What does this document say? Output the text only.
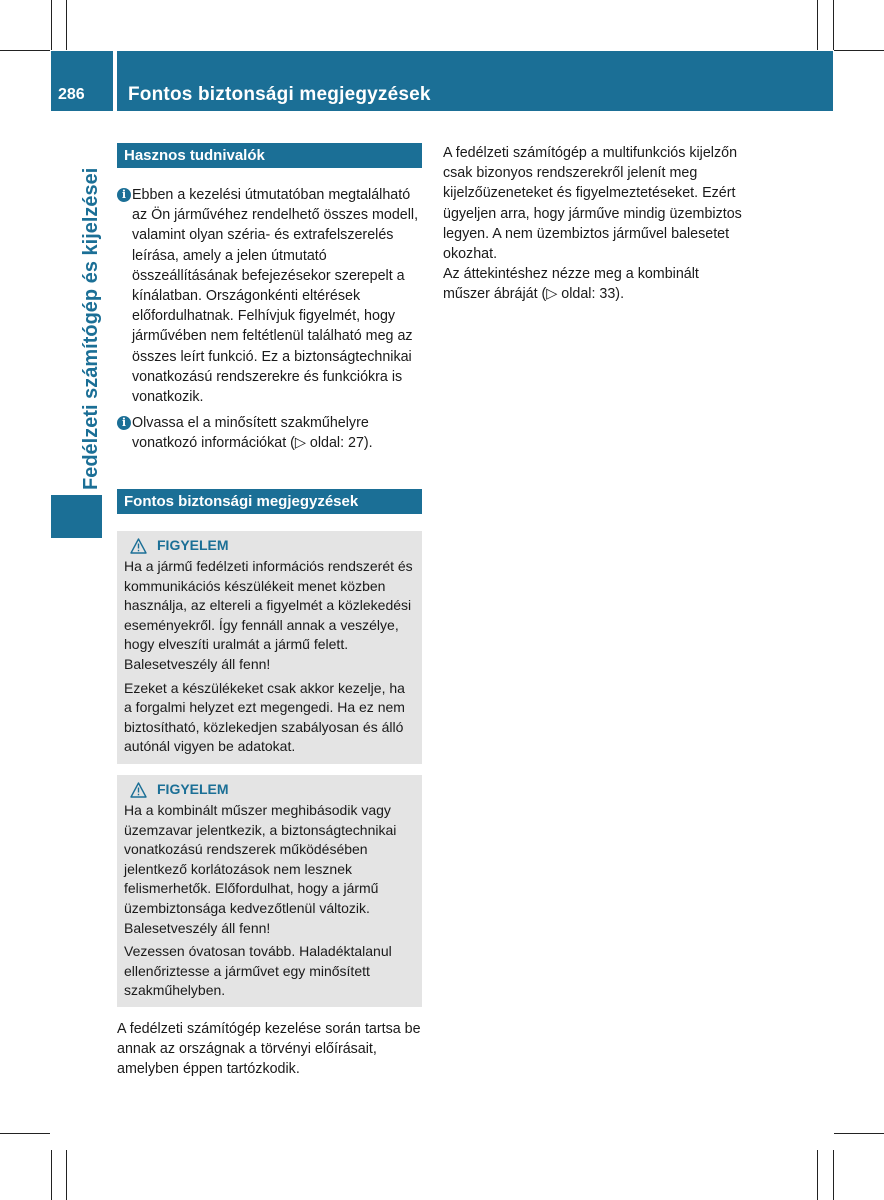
286 Fontos biztonsági megjegyzések
Fedélzeti számítógép és kijelzései
Hasznos tudnivalók
i Ebben a kezelési útmutatóban megtalálható az Ön járművéhez rendelhető összes modell, valamint olyan széria- és extrafelszerelés leírása, amely a jelen útmutató összeállításának befejezésekor szerepelt a kínálatban. Országonkénti eltérések előfordulhatnak. Felhívjuk figyelmét, hogy járművében nem feltétlenül található meg az összes leírt funkció. Ez a biztonságtechnikai vonatkozású rendszerekre és funkciókra is vonatkozik.
i Olvassa el a minősített szakműhelyre vonatkozó információkat (▷ oldal: 27).
Fontos biztonsági megjegyzések
FIGYELEM

Ha a jármű fedélzeti információs rendszerét és kommunikációs készülékeit menet közben használja, az eltereli a figyelmét a közlekedési eseményekről. Így fennáll annak a veszélye, hogy elveszíti uralmát a jármű felett. Balesetveszély áll fenn!

Ezeket a készülékeket csak akkor kezelje, ha a forgalmi helyzet ezt megengedi. Ha ez nem biztosítható, közlekedjen szabályosan és álló autónál vigyen be adatokat.

FIGYELEM

Ha a kombinált műszer meghibásodik vagy üzemzavar jelentkezik, a biztonságtechnikai vonatkozású rendszerek működésében jelentkező korlátozások nem lesznek felismerhetők. Előfordulhat, hogy a jármű üzembiztonsága kedvezőtlenül változik. Balesetveszély áll fenn!

Vezessen óvatosan tovább. Haladéktalanul ellenőriztesse a járművet egy minősített szakműhelyben.

A fedélzeti számítógép kezelése során tartsa be annak az országnak a törvényi előírásait, amelyben éppen tartózkodik.
A fedélzeti számítógép a multifunkciós kijelzőn csak bizonyos rendszerekről jelenít meg kijelzőüzeneteket és figyelmeztetéseket. Ezért ügyeljen arra, hogy járműve mindig üzembiztos legyen. A nem üzembiztos járművel balesetet okozhat.
Az áttekintéshez nézze meg a kombinált műszer ábráját (▷ oldal: 33).
